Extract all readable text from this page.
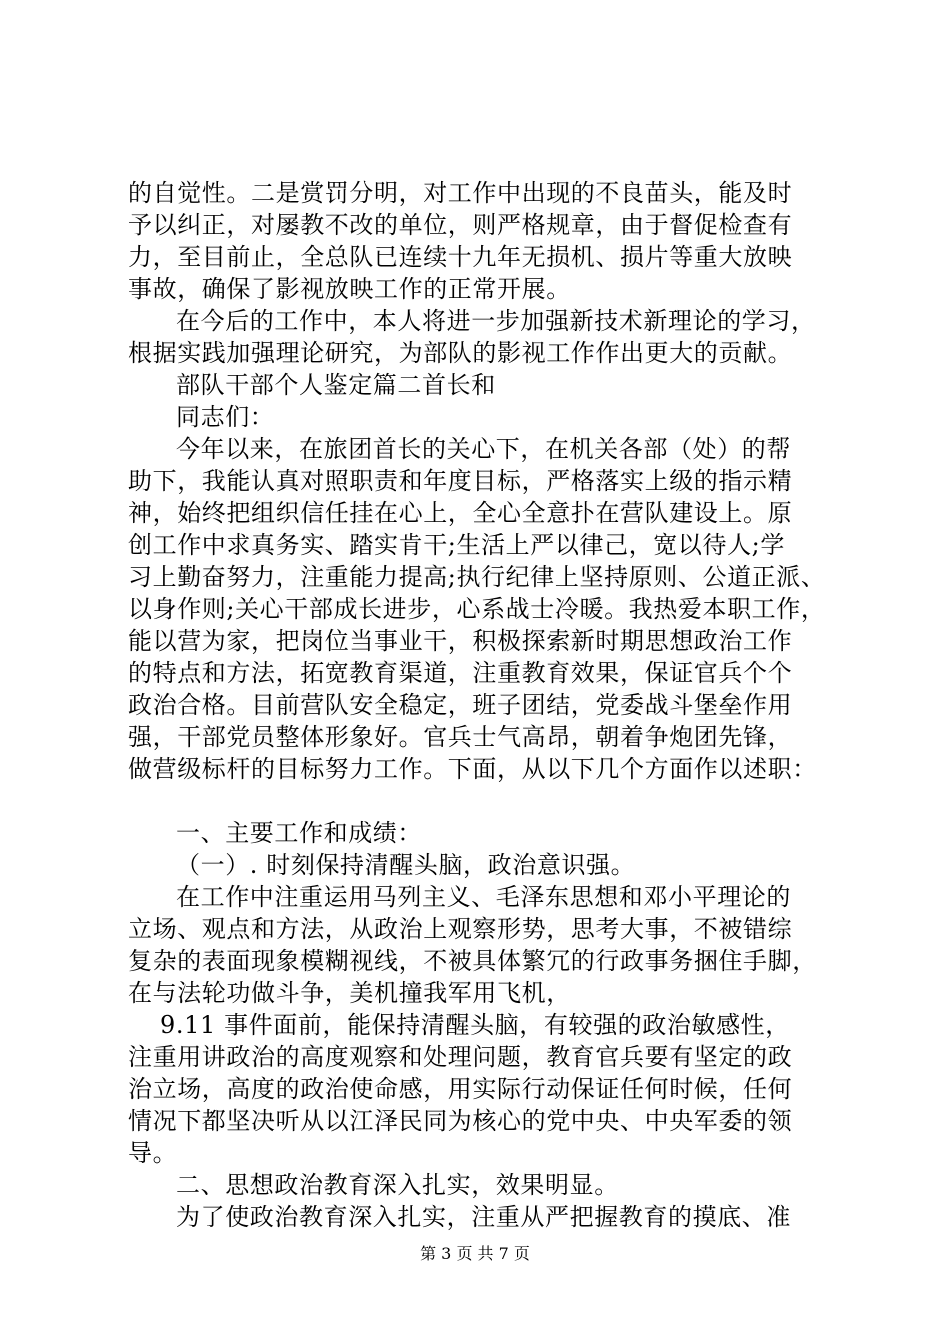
的自觉性。二是赏罚分明，对工作中出现的不良苗头，能及时
予以纠正，对屡教不改的单位，则严格规章，由于督促检查有
力，至目前止，全总队已连续十九年无损机、损片等重大放映
事故，确保了影视放映工作的正常开展。
在今后的工作中，本人将进一步加强新技术新理论的学习，
根据实践加强理论研究，为部队的影视工作作出更大的贡献。
部队干部个人鉴定篇二首长和
同志们：
今年以来，在旅团首长的关心下，在机关各部（处）的帮
助下，我能认真对照职责和年度目标，严格落实上级的指示精
神，始终把组织信任挂在心上，全心全意扑在营队建设上。原
创工作中求真务实、踏实肯干;生活上严以律己，宽以待人;学
习上勤奋努力，注重能力提高;执行纪律上坚持原则、公道正派、
以身作则;关心干部成长进步，心系战士冷暖。我热爱本职工作，
能以营为家，把岗位当事业干，积极探索新时期思想政治工作
的特点和方法，拓宽教育渠道，注重教育效果，保证官兵个个
政治合格。目前营队安全稳定，班子团结，党委战斗堡垒作用
强，干部党员整体形象好。官兵士气高昂，朝着争炮团先锋，
做营级标杆的目标努力工作。下面，从以下几个方面作以述职：
一、主要工作和成绩：
（一）. 时刻保持清醒头脑，政治意识强。
在工作中注重运用马列主义、毛泽东思想和邓小平理论的
立场、观点和方法，从政治上观察形势，思考大事，不被错综
复杂的表面现象模糊视线，不被具体繁冗的行政事务捆住手脚，
在与法轮功做斗争，美机撞我军用飞机，
9.11 事件面前，能保持清醒头脑，有较强的政治敏感性，
注重用讲政治的高度观察和处理问题，教育官兵要有坚定的政
治立场，高度的政治使命感，用实际行动保证任何时候，任何
情况下都坚决听从以江泽民同为核心的党中央、中央军委的领
导。
二、思想政治教育深入扎实，效果明显。
为了使政治教育深入扎实，注重从严把握教育的摸底、准
第 3 页 共 7 页
